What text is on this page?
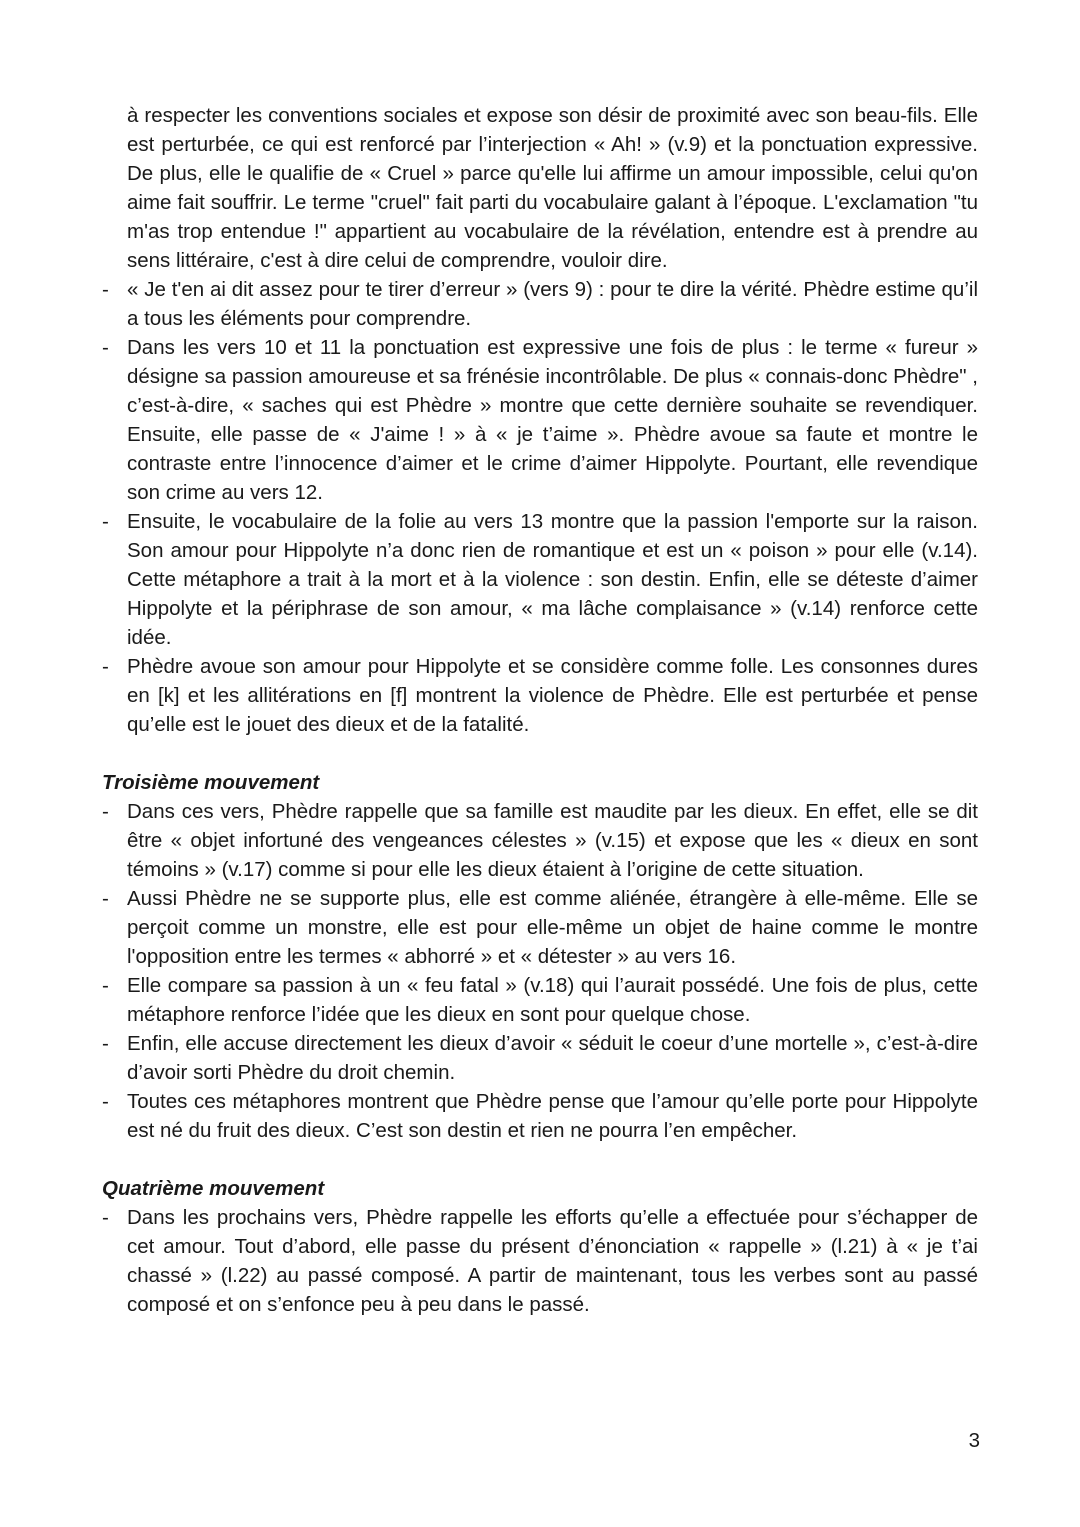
à respecter les conventions sociales et expose son désir de proximité avec son beau-fils. Elle est perturbée, ce qui est renforcé par l’interjection « Ah! » (v.9) et la ponctuation expressive. De plus, elle le qualifie de « Cruel » parce qu'elle lui affirme un amour impossible, celui qu'on aime fait souffrir. Le terme "cruel" fait parti du vocabulaire galant à l’époque. L'exclamation "tu m'as trop entendue !" appartient au vocabulaire de la révélation, entendre est à prendre au sens littéraire, c'est à dire celui de comprendre, vouloir dire.

- « Je t'en ai dit assez pour te tirer d’erreur » (vers 9) : pour te dire la vérité. Phèdre estime qu’il a tous les éléments pour comprendre.
- Dans les vers 10 et 11 la ponctuation est expressive une fois de plus : le terme « fureur » désigne sa passion amoureuse et sa frénésie incontrôlable. De plus « connais-donc Phèdre" , c’est-à-dire, « saches qui est Phèdre » montre que cette dernière souhaite se revendiquer. Ensuite, elle passe de « J'aime ! » à « je t’aime ». Phèdre avoue sa faute et montre le contraste entre l’innocence d’aimer et le crime d’aimer Hippolyte. Pourtant, elle revendique son crime au vers 12.
- Ensuite, le vocabulaire de la folie au vers 13 montre que la passion l'emporte sur la raison. Son amour pour Hippolyte n’a donc rien de romantique et est un « poison » pour elle (v.14). Cette métaphore a trait à la mort et à la violence : son destin. Enfin, elle se déteste d’aimer Hippolyte et la périphrase de son amour, « ma lâche complaisance » (v.14) renforce cette idée.
- Phèdre avoue son amour pour Hippolyte et se considère comme folle. Les consonnes dures en [k] et les allitérations en [f] montrent la violence de Phèdre. Elle est perturbée et pense qu’elle est le jouet des dieux et de la fatalité.
Troisième mouvement
- Dans ces vers, Phèdre rappelle que sa famille est maudite par les dieux. En effet, elle se dit être « objet infortuné des vengeances célestes » (v.15) et expose que les « dieux en sont témoins » (v.17) comme si pour elle les dieux étaient à l’origine de cette situation.
- Aussi Phèdre ne se supporte plus, elle est comme aliénée, étrangère à elle-même. Elle se perçoit comme un monstre, elle est pour elle-même un objet de haine comme le montre l'opposition entre les termes « abhorré » et « détester » au vers 16.
- Elle compare sa passion à un « feu fatal » (v.18) qui l’aurait possédé. Une fois de plus, cette métaphore renforce l’idée que les dieux en sont pour quelque chose.
- Enfin, elle accuse directement les dieux d’avoir « séduit le coeur d’une mortelle », c’est-à-dire d’avoir sorti Phèdre du droit chemin.
- Toutes ces métaphores montrent que Phèdre pense que l’amour qu’elle porte pour Hippolyte est né du fruit des dieux. C’est son destin et rien ne pourra l’en empêcher.
Quatrième mouvement
- Dans les prochains vers, Phèdre rappelle les efforts qu’elle a effectuée pour s’échapper de cet amour. Tout d’abord, elle passe du présent d’énonciation « rappelle » (l.21) à « je t’ai chassé » (l.22) au passé composé. A partir de maintenant, tous les verbes sont au passé composé et on s’enfonce peu à peu dans le passé.
3
